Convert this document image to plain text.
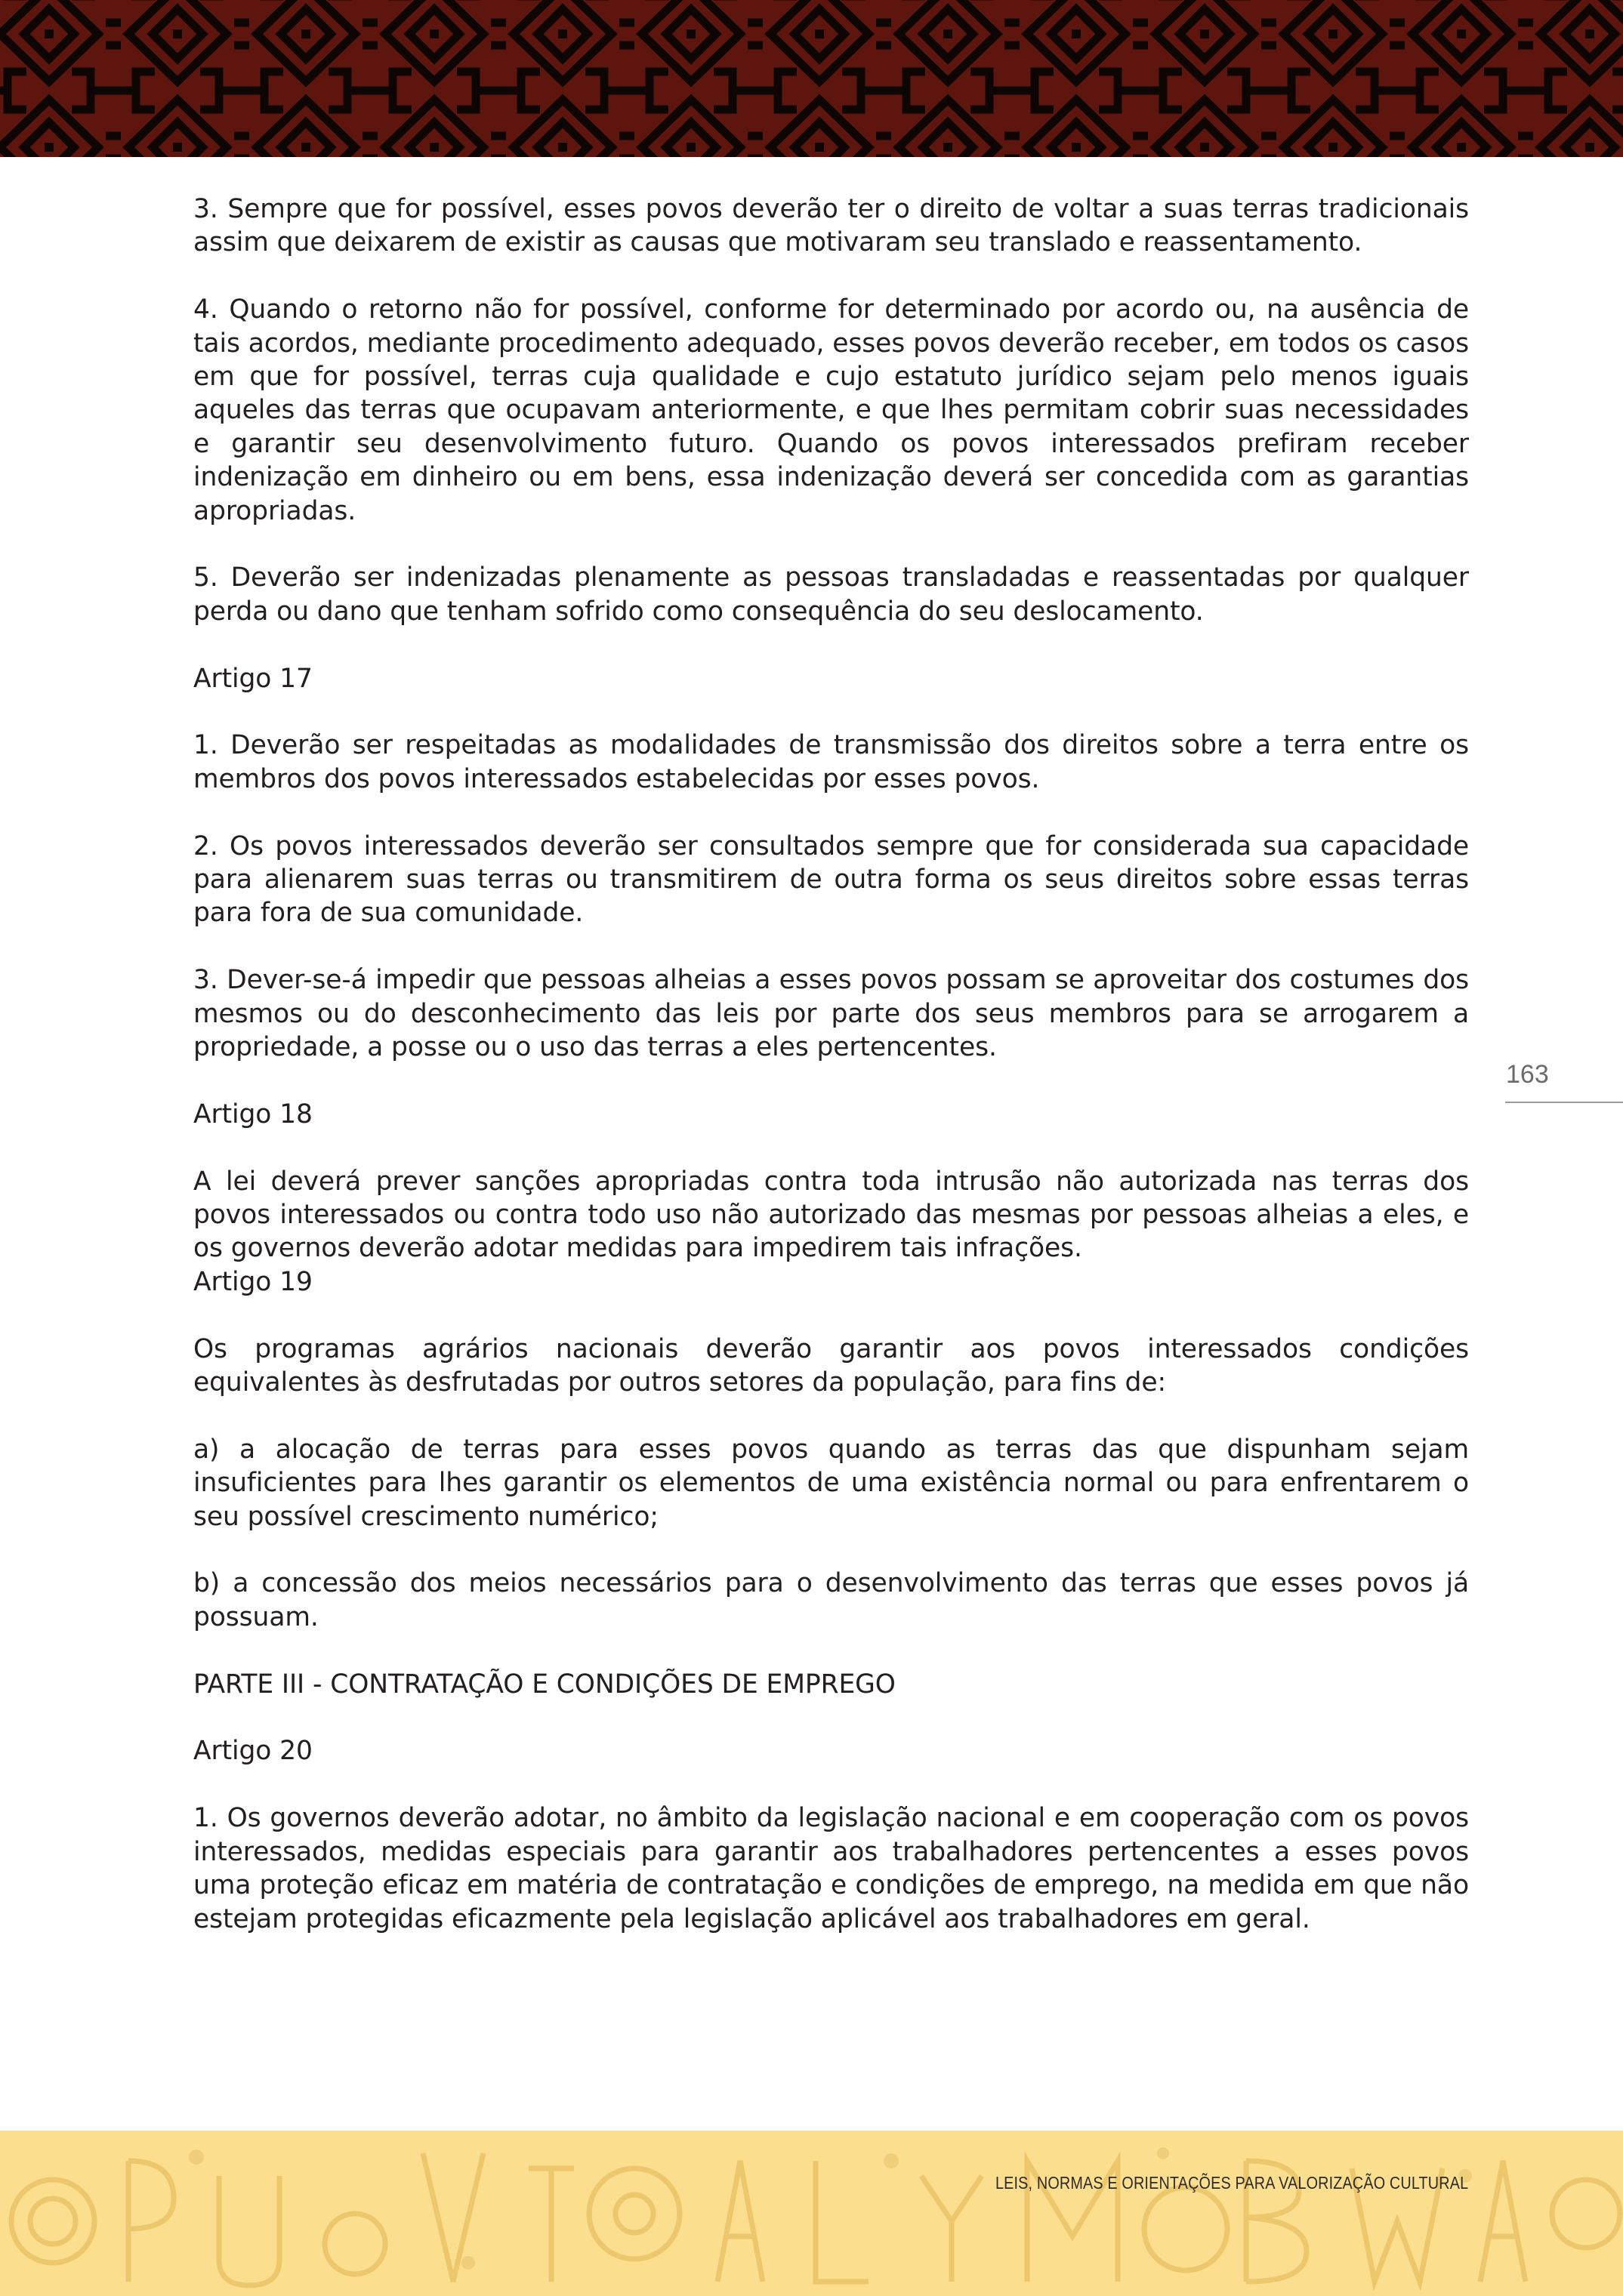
3. Sempre que for possível, esses povos deverão ter o direito de voltar a suas terras tradicionais assim que deixarem de existir as causas que motivaram seu translado e reassentamento.

4. Quando o retorno não for possível, conforme for determinado por acordo ou, na ausência de tais acordos, mediante procedimento adequado, esses povos deverão receber, em todos os casos em que for possível, terras cuja qualidade e cujo estatuto jurídico sejam pelo menos iguais aqueles das terras que ocupavam anteriormente, e que lhes permitam cobrir suas necessidades e garantir seu desenvolvimento futuro. Quando os povos interessados prefiram receber indenização em dinheiro ou em bens, essa indenização deverá ser concedida com as garantias apropriadas.

5. Deverão ser indenizadas plenamente as pessoas transladadas e reassentadas por qualquer perda ou dano que tenham sofrido como consequência do seu deslocamento.

Artigo 17

1. Deverão ser respeitadas as modalidades de transmissão dos direitos sobre a terra entre os membros dos povos interessados estabelecidas por esses povos.

2. Os povos interessados deverão ser consultados sempre que for considerada sua capacidade para alienarem suas terras ou transmitirem de outra forma os seus direitos sobre essas terras para fora de sua comunidade.

3. Dever-se-á impedir que pessoas alheias a esses povos possam se aproveitar dos costumes dos mesmos ou do desconhecimento das leis por parte dos seus membros para se arrogarem a propriedade, a posse ou o uso das terras a eles pertencentes.

Artigo 18

A lei deverá prever sanções apropriadas contra toda intrusão não autorizada nas terras dos povos interessados ou contra todo uso não autorizado das mesmas por pessoas alheias a eles, e os governos deverão adotar medidas para impedirem tais infrações.

Artigo 19

Os programas agrários nacionais deverão garantir aos povos interessados condições equivalentes às desfrutadas por outros setores da população, para fins de:

a) a alocação de terras para esses povos quando as terras das que dispunham sejam insuficientes para lhes garantir os elementos de uma existência normal ou para enfrentarem o seu possível crescimento numérico;

b) a concessão dos meios necessários para o desenvolvimento das terras que esses povos já possuam.

PARTE III - CONTRATAÇÃO E CONDIÇÕES DE EMPREGO

Artigo 20

1. Os governos deverão adotar, no âmbito da legislação nacional e em cooperação com os povos interessados, medidas especiais para garantir aos trabalhadores pertencentes a esses povos uma proteção eficaz em matéria de contratação e condições de emprego, na medida em que não estejam protegidas eficazmente pela legislação aplicável aos trabalhadores em geral.

163
LEIS, NORMAS E ORIENTAÇÕES PARA VALORIZAÇÃO CULTURAL
